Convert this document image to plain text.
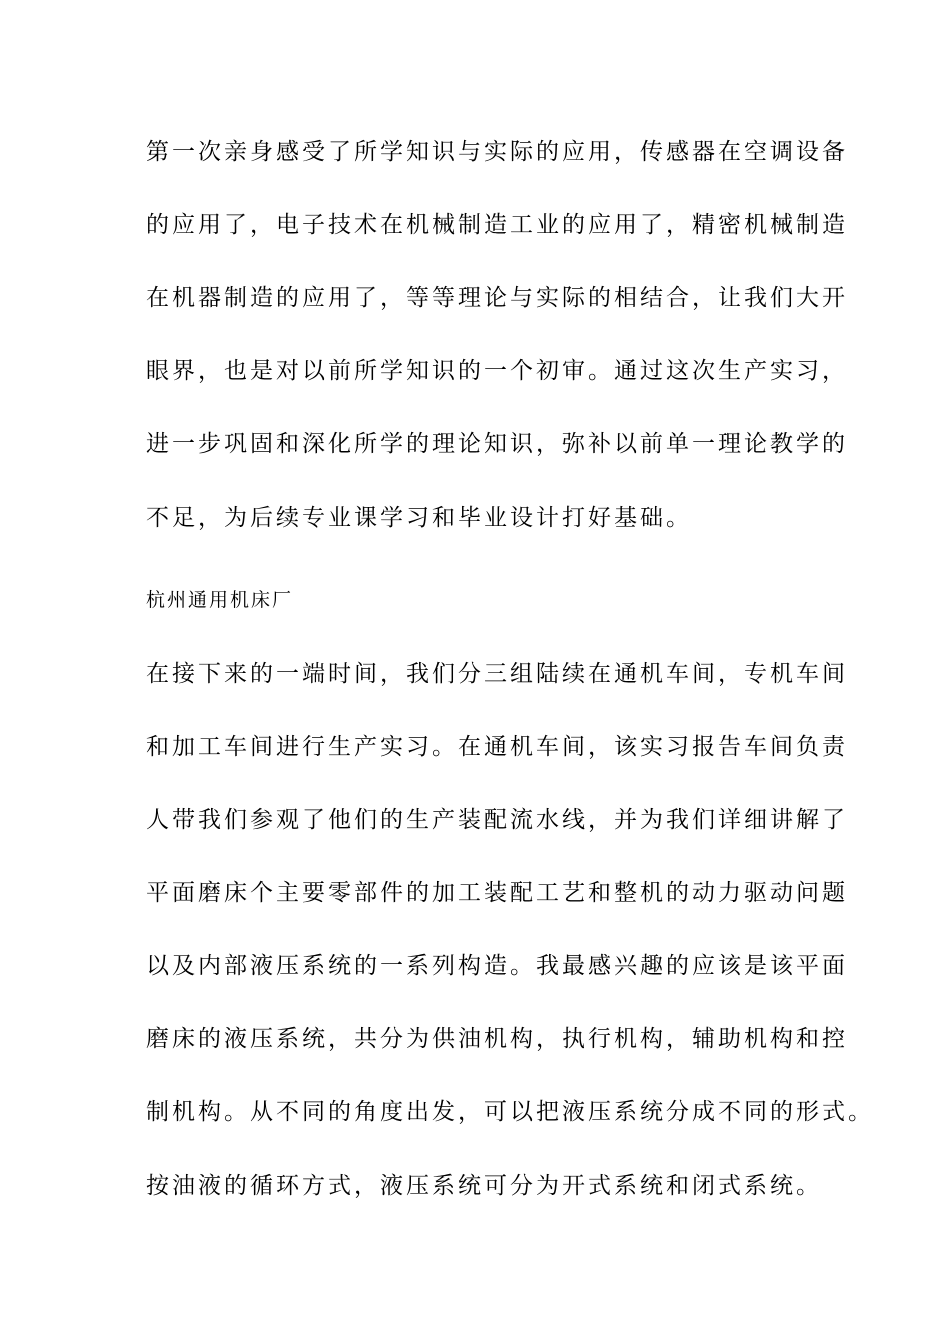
第一次亲身感受了所学知识与实际的应用，传感器在空调设备
的应用了，电子技术在机械制造工业的应用了，精密机械制造
在机器制造的应用了，等等理论与实际的相结合，让我们大开
眼界，也是对以前所学知识的一个初审。通过这次生产实习，
进一步巩固和深化所学的理论知识，弥补以前单一理论教学的
不足，为后续专业课学习和毕业设计打好基础。
杭州通用机床厂
在接下来的一端时间，我们分三组陆续在通机车间，专机车间
和加工车间进行生产实习。在通机车间，该实习报告车间负责
人带我们参观了他们的生产装配流水线，并为我们详细讲解了
平面磨床个主要零部件的加工装配工艺和整机的动力驱动问题
以及内部液压系统的一系列构造。我最感兴趣的应该是该平面
磨床的液压系统，共分为供油机构，执行机构，辅助机构和控
制机构。从不同的角度出发，可以把液压系统分成不同的形式。
按油液的循环方式，液压系统可分为开式系统和闭式系统。
